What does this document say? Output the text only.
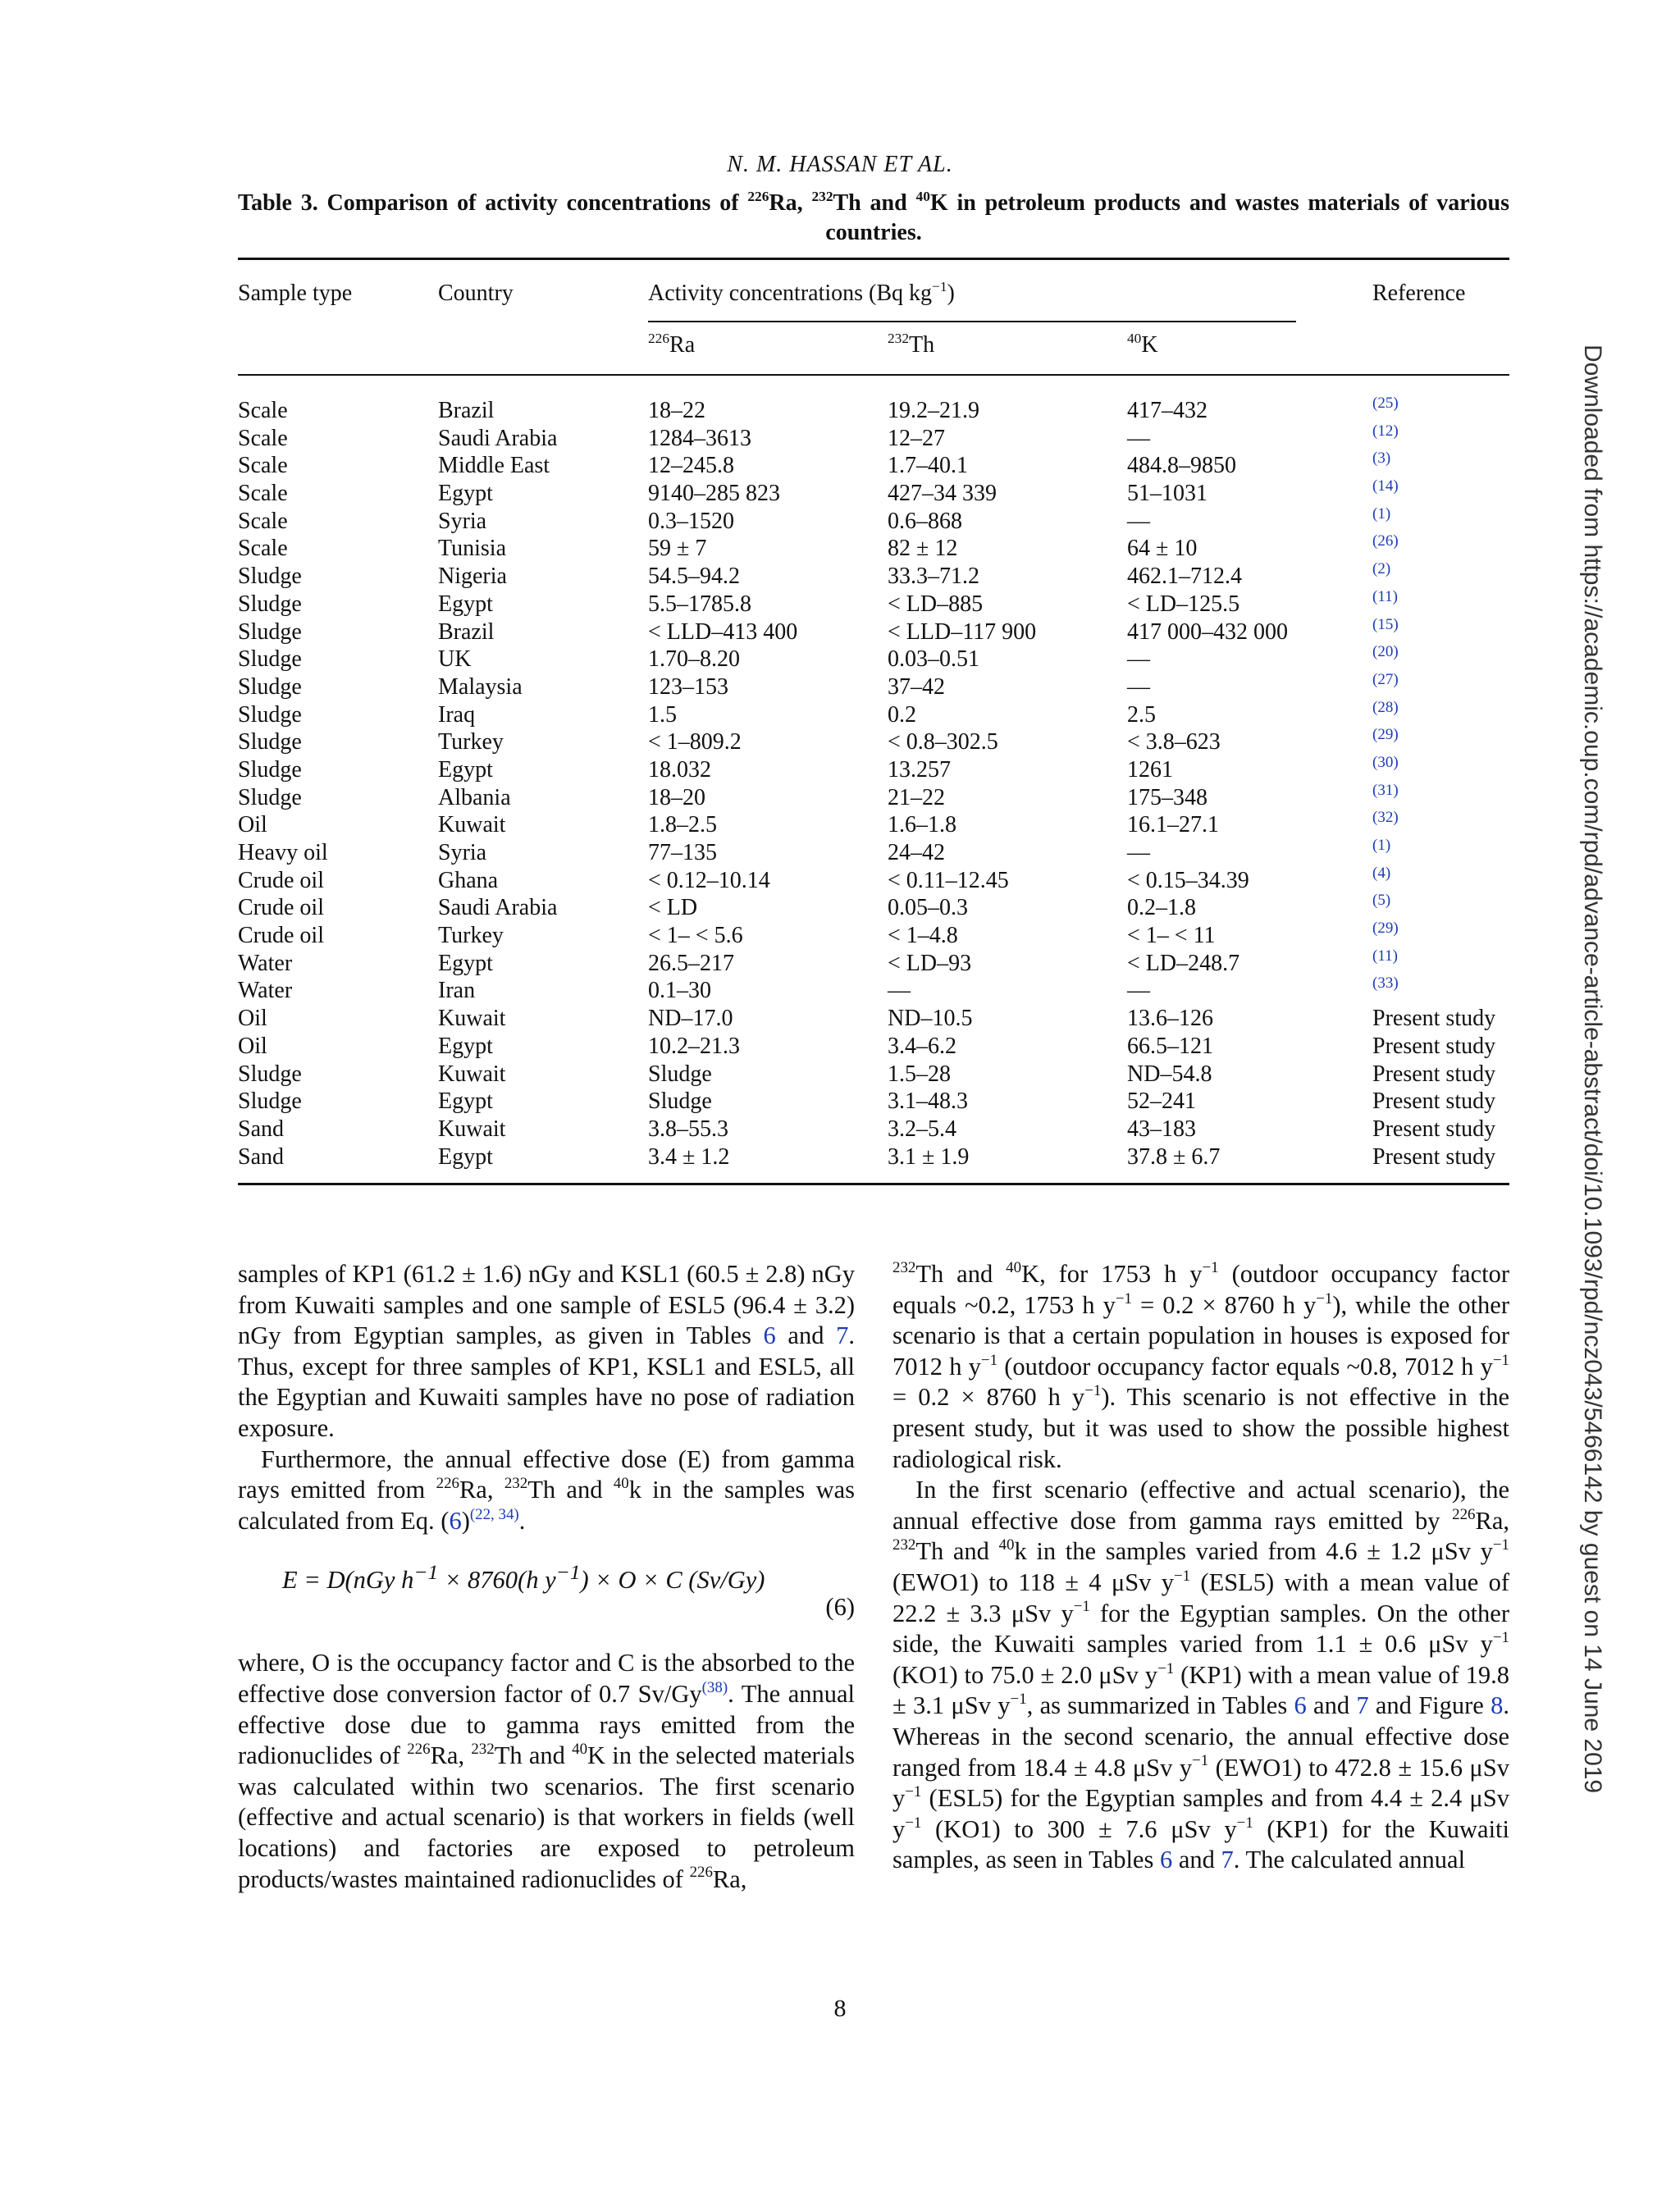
N. M. HASSAN ET AL.
Table 3. Comparison of activity concentrations of $^{226}$Ra, $^{232}$Th and $^{40}$K in petroleum products and wastes materials of various countries.
Sample type	Country	Activity concentrations (Bq $kg^{-1}$)	Reference
$^{226}$Ra	$^{232}$Th	$^{40}$K
Scale	Brazil	18–22	19.2–21.9	417–432	(25)
Scale	Saudi Arabia	1284–3613	12–27	—	(12)
Scale	Middle East	12–245.8	1.7–40.1	484.8–9850	(3)
Scale	Egypt	9140–285 823	427–34 339	51–1031	(14)
Scale	Syria	0.3–1520	0.6–868	—	(1)
Scale	Tunisia	59 ± 7	82 ± 12	64 ± 10	(26)
Sludge	Nigeria	54.5–94.2	33.3–71.2	462.1–712.4	(2)
Sludge	Egypt	5.5–1785.8	< LD–885	< LD–125.5	(11)
Sludge	Brazil	< LLD–413 400	< LLD–117 900	417 000–432 000	(15)
Sludge	UK	1.70–8.20	0.03–0.51	—	(20)
Sludge	Malaysia	123–153	37–42	—	(27)
Sludge	Iraq	1.5	0.2	2.5	(28)
Sludge	Turkey	< 1–809.2	< 0.8–302.5	< 3.8–623	(29)
Sludge	Egypt	18.032	13.257	1261	(30)
Sludge	Albania	18–20	21–22	175–348	(31)
Oil	Kuwait	1.8–2.5	1.6–1.8	16.1–27.1	(32)
Heavy oil	Syria	77–135	24–42	—	(1)
Crude oil	Ghana	< 0.12–10.14	< 0.11–12.45	< 0.15–34.39	(4)
Crude oil	Saudi Arabia	< LD	0.05–0.3	0.2–1.8	(5)
Crude oil	Turkey	< 1– < 5.6	< 1–4.8	< 1– < 11	(29)
Water	Egypt	26.5–217	< LD–93	< LD–248.7	(11)
Water	Iran	0.1–30	—	—	(33)
Oil	Kuwait	ND–17.0	ND–10.5	13.6–126	Present study
Oil	Egypt	10.2–21.3	3.4–6.2	66.5–121	Present study
Sludge	Kuwait	Sludge	1.5–28	ND–54.8	Present study
Sludge	Egypt	Sludge	3.1–48.3	52–241	Present study
Sand	Kuwait	3.8–55.3	3.2–5.4	43–183	Present study
Sand	Egypt	3.4 ± 1.2	3.1 ± 1.9	37.8 ± 6.7	Present study	Downloaded from https://academic.oup.com/rpd/advance-article-abstract/doi/10.1093/rpd/ncz043/5466142 by guest on 14 June 2019

samples of KP1 (61.2 ± 1.6) nGy and KSL1 (60.5 ± 2.8) nGy from Kuwaiti samples and one sample of ESL5 (96.4 ± 3.2) nGy from Egyptian samples, as given in Tables 6 and 7. Thus, except for three samples of KP1, KSL1 and ESL5, all the Egyptian and Kuwaiti samples have no pose of radiation exposure.

Furthermore, the annual effective dose (E) from gamma rays emitted from $^{226}$Ra, $^{232}$Th and $^{40}$k in the samples was calculated from Eq. $(6)^{(22, 34)}$.

E = D(nGy $h^{-1} \times 8760(h$ $y^{-1}) \times O \times C$ (Sv/Gy)
(6)

where, O is the occupancy factor and C is the absorbed to the effective dose conversion factor of 0.7 Sv/Gy$^{(38)}$. The annual effective dose due to gamma rays emitted from the radionuclides of $^{226}$Ra, $^{232}$Th and $^{40}$K in the selected materials was calculated within two scenarios. The first scenario (effective and actual scenario) is that workers in fields (well locations) and factories are exposed to petroleum products/wastes maintained radionuclides of $^{226}$Ra,

$^{232}$Th and $^{40}$K, for 1753 h $y^{-1}$ (outdoor occupancy factor equals ~0.2, 1753 h $y^{-1} = 0.2 \times 8760$ h $y^{-1}$), while the other scenario is that a certain population in houses is exposed for 7012 h $y^{-1}$ (outdoor occupancy factor equals ~0.8, 7012 h $y^{-1} = 0.2 \times 8760$ h $y^{-1}$). This scenario is not effective in the present study, but it was used to show the possible highest radiological risk.

In the first scenario (effective and actual scenario), the annual effective dose from gamma rays emitted by $^{226}$Ra, $^{232}$Th and $^{40}$k in the samples varied from 4.6 ± 1.2 μSv $y^{-1}$ (EWO1) to 118 ± 4 μSv $y^{-1}$ (ESL5) with a mean value of 22.2 ± 3.3 μSv $y^{-1}$ for the Egyptian samples. On the other side, the Kuwaiti samples varied from 1.1 ± 0.6 μSv $y^{-1}$ (KO1) to 75.0 ± 2.0 μSv $y^{-1}$ (KP1) with a mean value of 19.8 ± 3.1 μSv $y^{-1}$, as summarized in Tables 6 and 7 and Figure 8. Whereas in the second scenario, the annual effective dose ranged from 18.4 ± 4.8 μSv $y^{-1}$ (EWO1) to 472.8 ± 15.6 μSv $y^{-1}$ (ESL5) for the Egyptian samples and from 4.4 ± 2.4 μSv $y^{-1}$ (KO1) to 300 ± 7.6 μSv $y^{-1}$ (KP1) for the Kuwaiti samples, as seen in Tables 6 and 7. The calculated annual

8
